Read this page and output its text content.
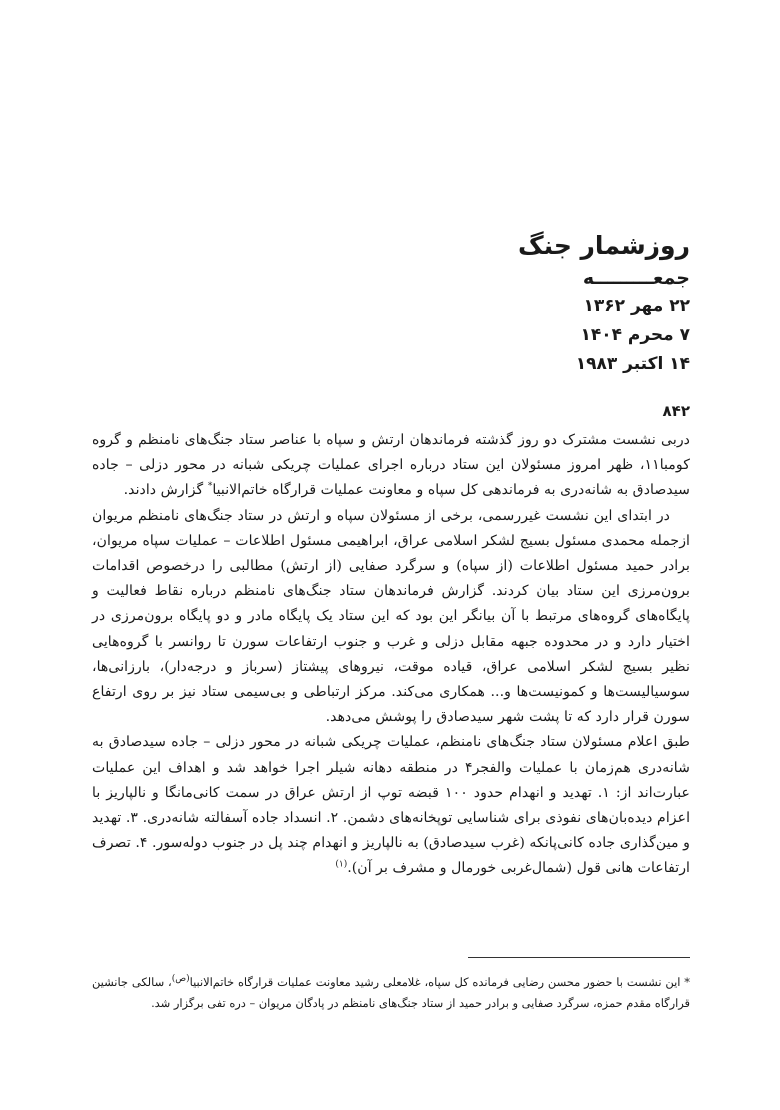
روزشمار جنگ
جمعـــــــــه
۲۲ مهر ۱۳۶۲
۷ محرم ۱۴۰۴
۱۴ اکتبر ۱۹۸۳
۸۴۲

دربی نشست مشترک دو روز گذشته فرماندهان ارتش و سپاه با عناصر ستاد جنگ‌های نامنظم و گروه کومبا۱۱، ظهر امروز مسئولان این ستاد درباره اجرای عملیات چریکی شبانه در محور دزلی – جاده سیدصادق به شانه‌دری به فرماندهی کل سپاه و معاونت عملیات قرارگاه خاتم‌الانبیا* گزارش دادند.

در ابتدای این نشست غیررسمی، برخی از مسئولان سپاه و ارتش در ستاد جنگ‌های نامنظم مریوان ازجمله محمدی مسئول بسیج لشکر اسلامی عراق، ابراهیمی مسئول اطلاعات – عملیات سپاه مریوان، برادر حمید مسئول اطلاعات (از سپاه) و سرگرد صفایی (از ارتش) مطالبی را درخصوص اقدامات برون‌مرزی این ستاد بیان کردند. گزارش فرماندهان ستاد جنگ‌های نامنظم درباره نقاط فعالیت و پایگاه‌های گروه‌های مرتبط با آن بیانگر این بود که این ستاد یک پایگاه مادر و دو پایگاه برون‌مرزی در اختیار دارد و در محدوده جبهه مقابل دزلی و غرب و جنوب ارتفاعات سورن تا روانسر با گروه‌هایی نظیر بسیج لشکر اسلامی عراق، قیاده موقت، نیروهای پیشتاز (سرباز و درجه‌دار)، بارزانی‌ها، سوسیالیست‌ها و کمونیست‌ها و... همکاری می‌کند. مرکز ارتباطی و بی‌سیمی ستاد نیز بر روی ارتفاع سورن قرار دارد که تا پشت شهر سیدصادق را پوشش می‌دهد.

طبق اعلام مسئولان ستاد جنگ‌های نامنظم، عملیات چریکی شبانه در محور دزلی – جاده سیدصادق به شانه‌دری هم‌زمان با عملیات والفجر۴ در منطقه دهانه شیلر اجرا خواهد شد و اهداف این عملیات عبارت‌اند از: ۱. تهدید و انهدام حدود ۱۰۰ قبضه توپ از ارتش عراق در سمت کانی‌مانگا و نالپاریز با اعزام دیده‌بان‌های نفوذی برای شناسایی توپخانه‌های دشمن. ۲. انسداد جاده آسفالته شانه‌دری. ۳. تهدید و مین‌گذاری جاده کانی‌پانکه (غرب سیدصادق) به نالپاریز و انهدام چند پل در جنوب دوله‌سور. ۴. تصرف ارتفاعات هانی قول (شمال‌غربی خورمال و مشرف بر آن).$^{(۱)}$

* این نشست با حضور محسن رضایی فرمانده کل سپاه، غلامعلی رشید معاونت عملیات قرارگاه خاتم‌الانبیا$^{(ص)}$، سالکی جانشین قرارگاه مقدم حمزه، سرگرد صفایی و برادر حمید از ستاد جنگ‌های نامنظم در پادگان مریوان – دره تفی برگزار شد.
